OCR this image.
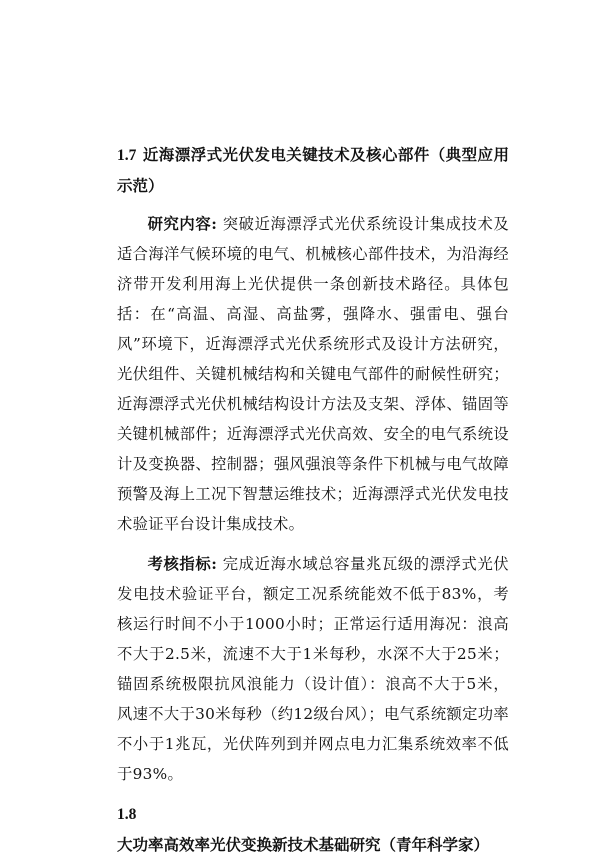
1.7 近海漂浮式光伏发电关键技术及核心部件（典型应用示范）

研究内容: 突破近海漂浮式光伏系统设计集成技术及适合海洋气候环境的电气、机械核心部件技术，为沿海经济带开发利用海上光伏提供一条创新技术路径。具体包括：在“高温、高湿、高盐雾，强降水、强雷电、强台风”环境下，近海漂浮式光伏系统形式及设计方法研究，光伏组件、关键机械结构和关键电气部件的耐候性研究；近海漂浮式光伏机械结构设计方法及支架、浮体、锚固等关键机械部件；近海漂浮式光伏高效、安全的电气系统设计及变换器、控制器；强风强浪等条件下机械与电气故障预警及海上工况下智慧运维技术；近海漂浮式光伏发电技术验证平台设计集成技术。

考核指标: 完成近海水域总容量兆瓦级的漂浮式光伏发电技术验证平台，额定工况系统能效不低于83%，考核运行时间不小于1000小时；正常运行适用海况：浪高不大于2.5米，流速不大于1米每秒，水深不大于25米；锚固系统极限抗风浪能力（设计值）：浪高不大于5米，风速不大于30米每秒（约12级台风）；电气系统额定功率不小于1兆瓦，光伏阵列到并网点电力汇集系统效率不低于93%。

1.8大功率高效率光伏变换新技术基础研究（青年科学家）
